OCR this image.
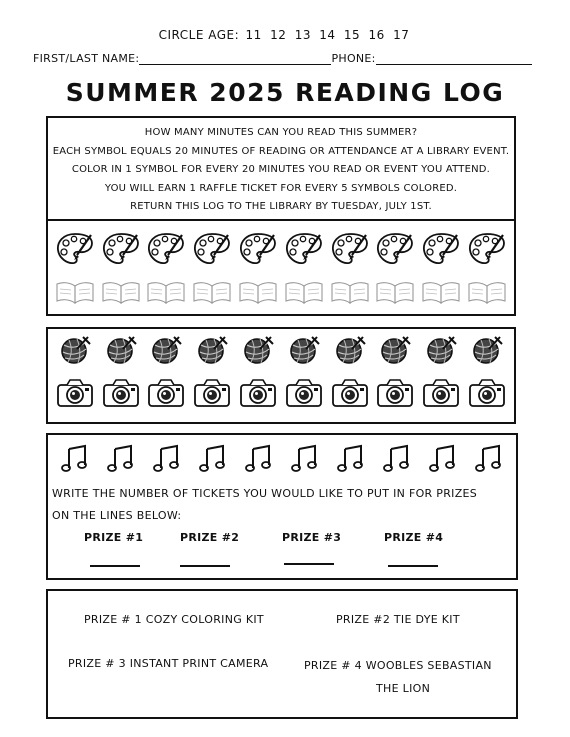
CIRCLE AGE: 11 12 13 14 15 16 17
FIRST/LAST NAME:	PHONE:
SUMMER 2025 READING LOG
HOW MANY MINUTES CAN YOU READ THIS SUMMER?
EACH SYMBOL EQUALS 20 MINUTES OF READING OR ATTENDANCE AT A LIBRARY EVENT.
COLOR IN 1 SYMBOL FOR EVERY 20 MINUTES YOU READ OR EVENT YOU ATTEND.
YOU WILL EARN 1 RAFFLE TICKET FOR EVERY 5 SYMBOLS COLORED.
RETURN THIS LOG TO THE LIBRARY BY TUESDAY, JULY 1ST.
WRITE THE NUMBER OF TICKETS YOU WOULD LIKE TO PUT IN FOR PRIZES
ON THE LINES BELOW:
PRIZE #1	PRIZE #2	PRIZE #3	PRIZE #4
PRIZE # 1 COZY COLORING KIT	PRIZE #2 TIE DYE KIT
PRIZE # 3 INSTANT PRINT CAMERA	PRIZE # 4 WOOBLES SEBASTIAN
THE LION
